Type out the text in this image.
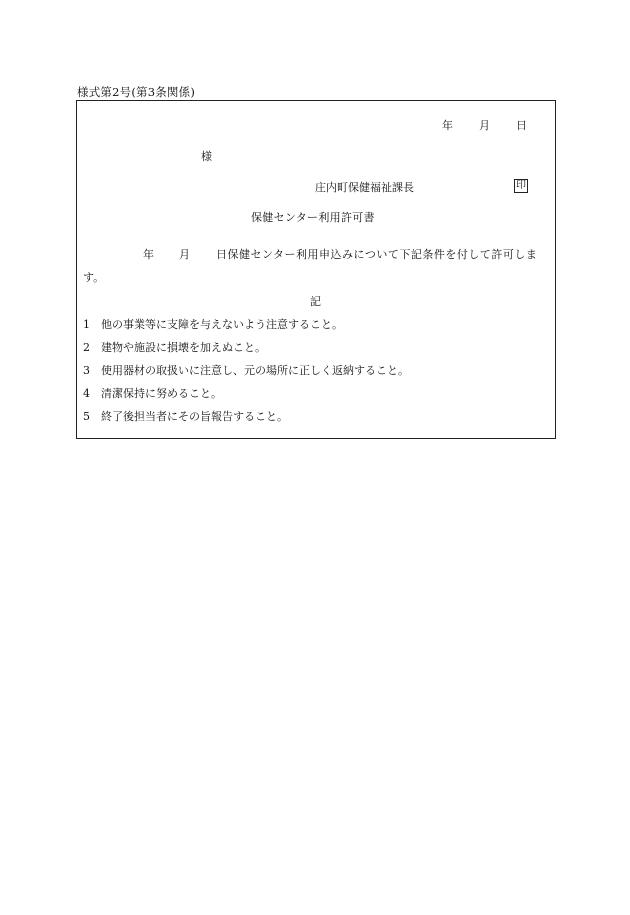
様式第2号(第3条関係)
年 月 日
様
庄内町保健福祉課長	印
保健センター利用許可書
年 月 日保健センター利用申込みについて下記条件を付して許可しま
す。
記
1 他の事業等に支障を与えないよう注意すること。
2 建物や施設に損壊を加えぬこと。
3 使用器材の取扱いに注意し、元の場所に正しく返納すること。
4 清潔保持に努めること。
5 終了後担当者にその旨報告すること。
